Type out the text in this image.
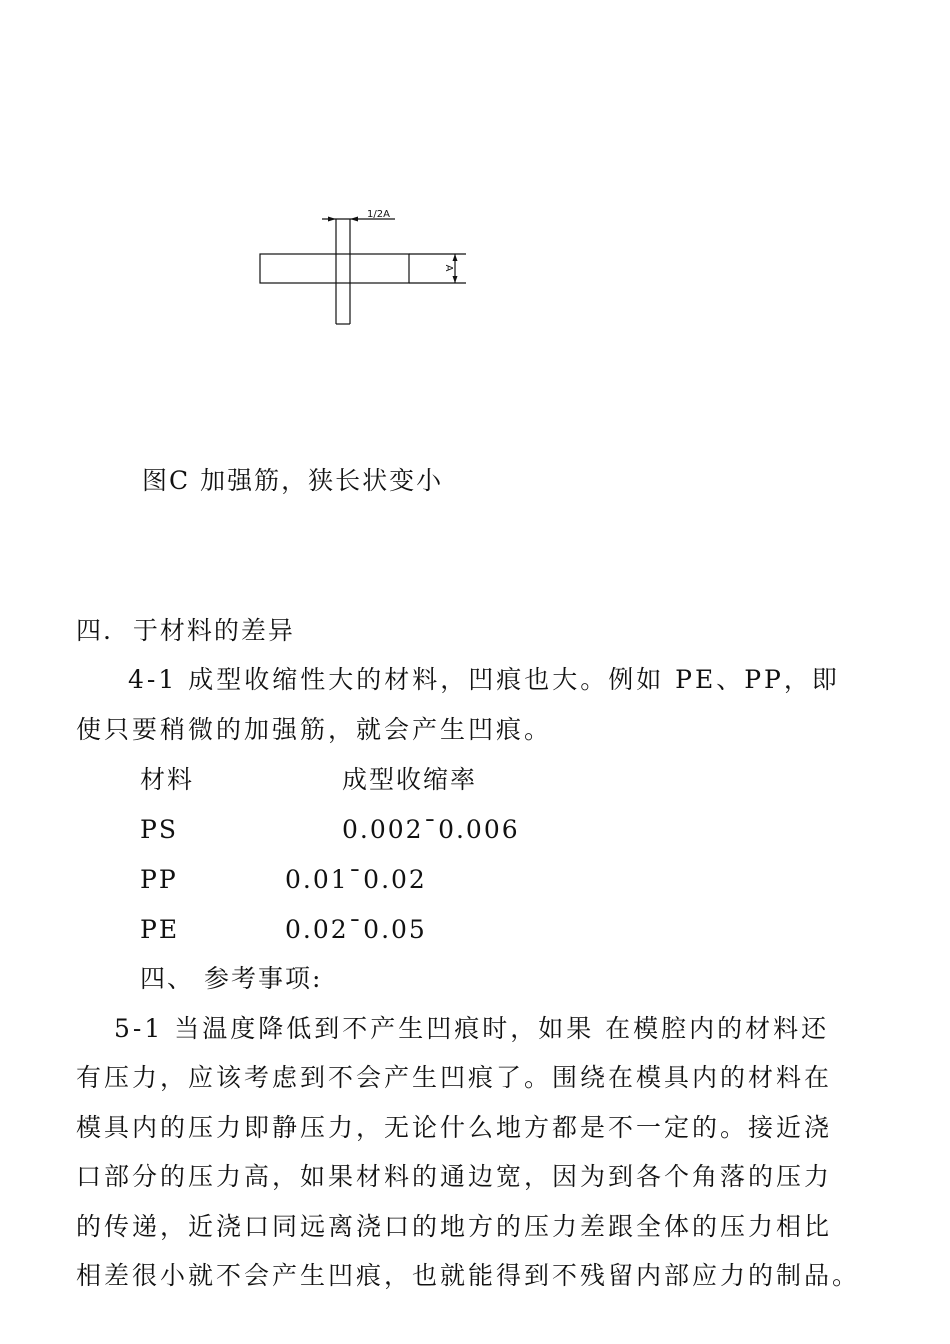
1/2A
A
图C 加强筋，狭长状变小
四.  于材料的差异
4-1 成型收缩性大的材料，凹痕也大。例如 PE、PP，即
使只要稍微的加强筋，就会产生凹痕。
材料	成型收缩率
PS	0.002¯0.006
PP	0.01¯0.02
PE	0.02¯0.05
四、 参考事项:
5-1 当温度降低到不产生凹痕时，如果 在模腔内的材料还
有压力，应该考虑到不会产生凹痕了。围绕在模具内的材料在
模具内的压力即静压力，无论什么地方都是不一定的。接近浇
口部分的压力高，如果材料的通边宽，因为到各个角落的压力
的传递，近浇口同远离浇口的地方的压力差跟全体的压力相比
相差很小就不会产生凹痕，也就能得到不残留内部应力的制品。
